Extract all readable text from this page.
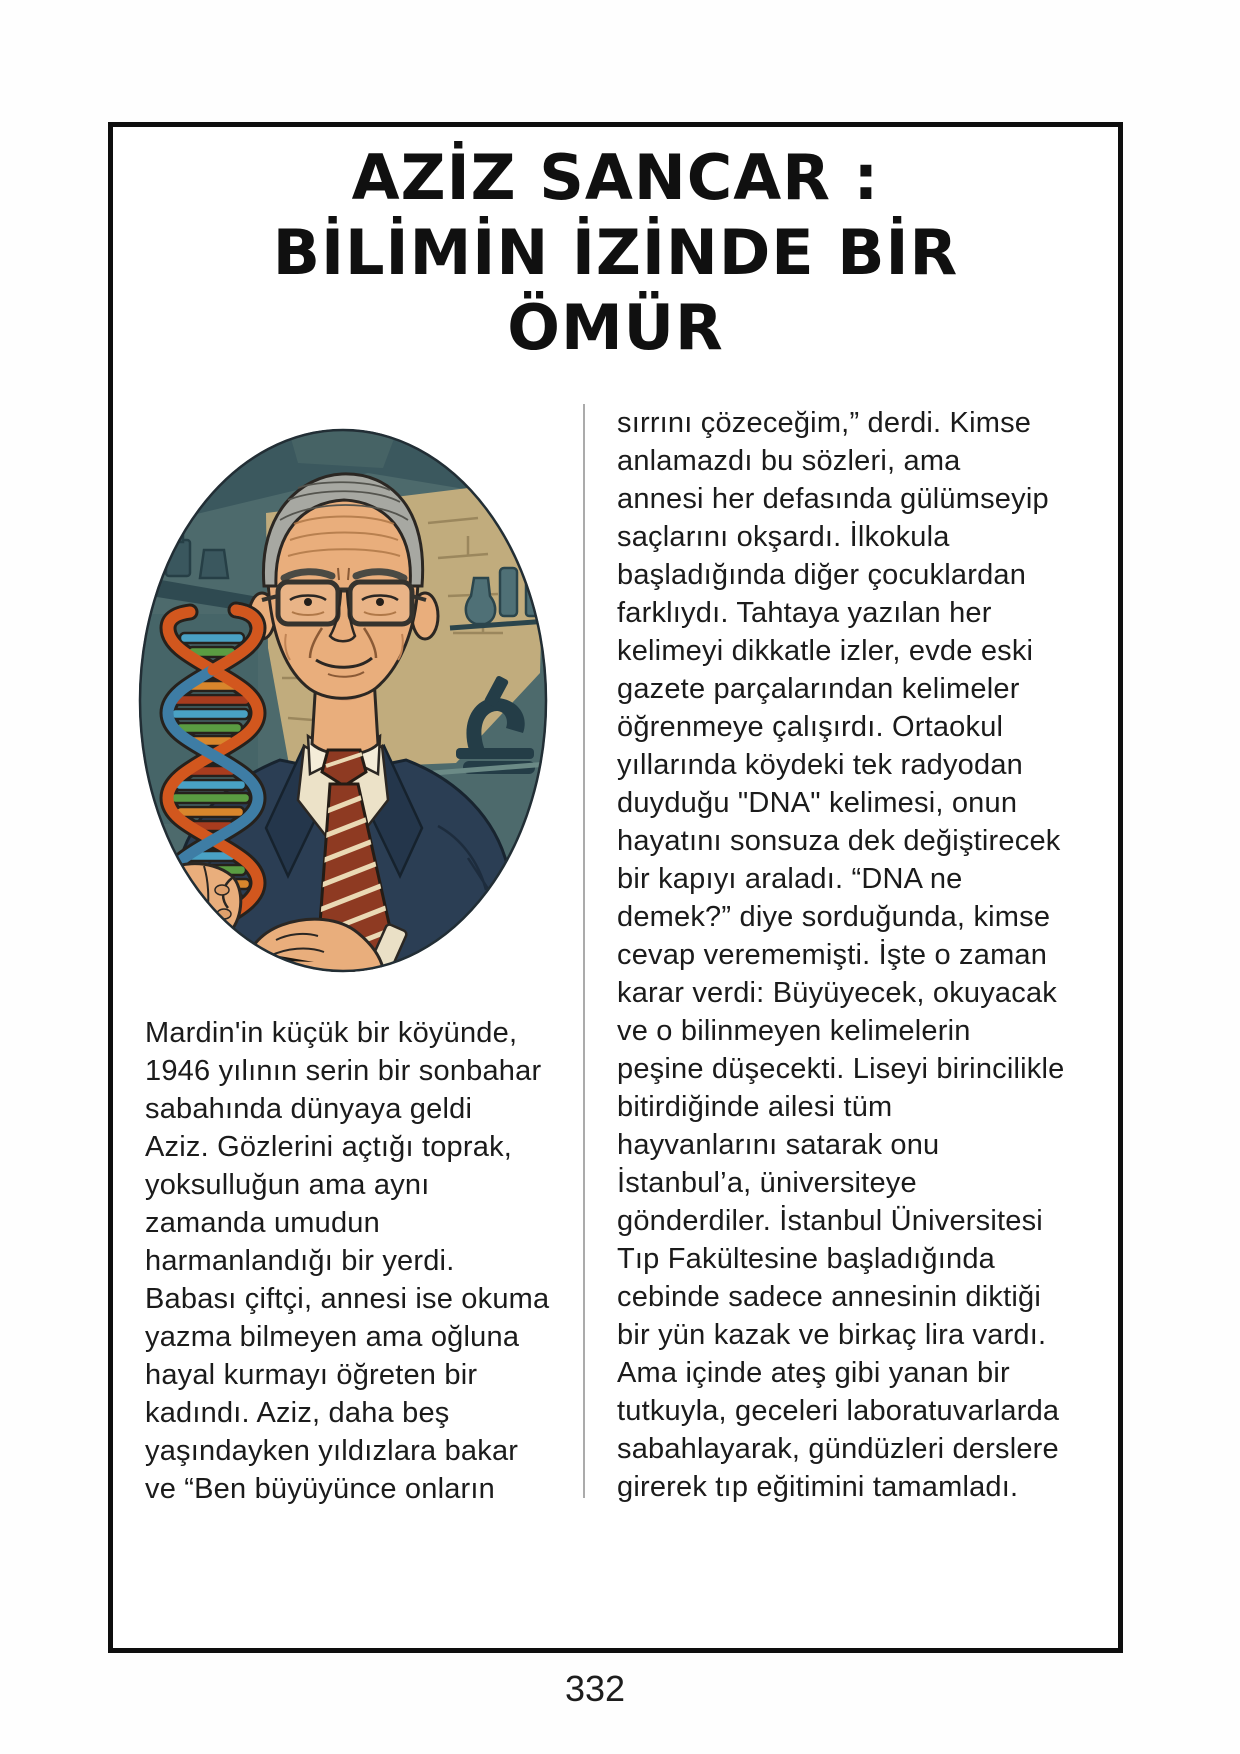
AZİZ SANCAR :
BİLİMİN İZİNDE BİR
ÖMÜR
Mardin'in küçük bir köyünde,
1946 yılının serin bir sonbahar
sabahında dünyaya geldi
Aziz. Gözlerini açtığı toprak,
yoksulluğun ama aynı
zamanda umudun
harmanlandığı bir yerdi.
Babası çiftçi, annesi ise okuma
yazma bilmeyen ama oğluna
hayal kurmayı öğreten bir
kadındı. Aziz, daha beş
yaşındayken yıldızlara bakar
ve “Ben büyüyünce onların
sırrını çözeceğim,” derdi. Kimse
anlamazdı bu sözleri, ama
annesi her defasında gülümseyip
saçlarını okşardı. İlkokula
başladığında diğer çocuklardan
farklıydı. Tahtaya yazılan her
kelimeyi dikkatle izler, evde eski
gazete parçalarından kelimeler
öğrenmeye çalışırdı. Ortaokul
yıllarında köydeki tek radyodan
duyduğu "DNA" kelimesi, onun
hayatını sonsuza dek değiştirecek
bir kapıyı araladı. “DNA ne
demek?” diye sorduğunda, kimse
cevap verememişti. İşte o zaman
karar verdi: Büyüyecek, okuyacak
ve o bilinmeyen kelimelerin
peşine düşecekti. Liseyi birincilikle
bitirdiğinde ailesi tüm
hayvanlarını satarak onu
İstanbul’a, üniversiteye
gönderdiler. İstanbul Üniversitesi
Tıp Fakültesine başladığında
cebinde sadece annesinin diktiği
bir yün kazak ve birkaç lira vardı.
Ama içinde ateş gibi yanan bir
tutkuyla, geceleri laboratuvarlarda
sabahlayarak, gündüzleri derslere
girerek tıp eğitimini tamamladı.
332
